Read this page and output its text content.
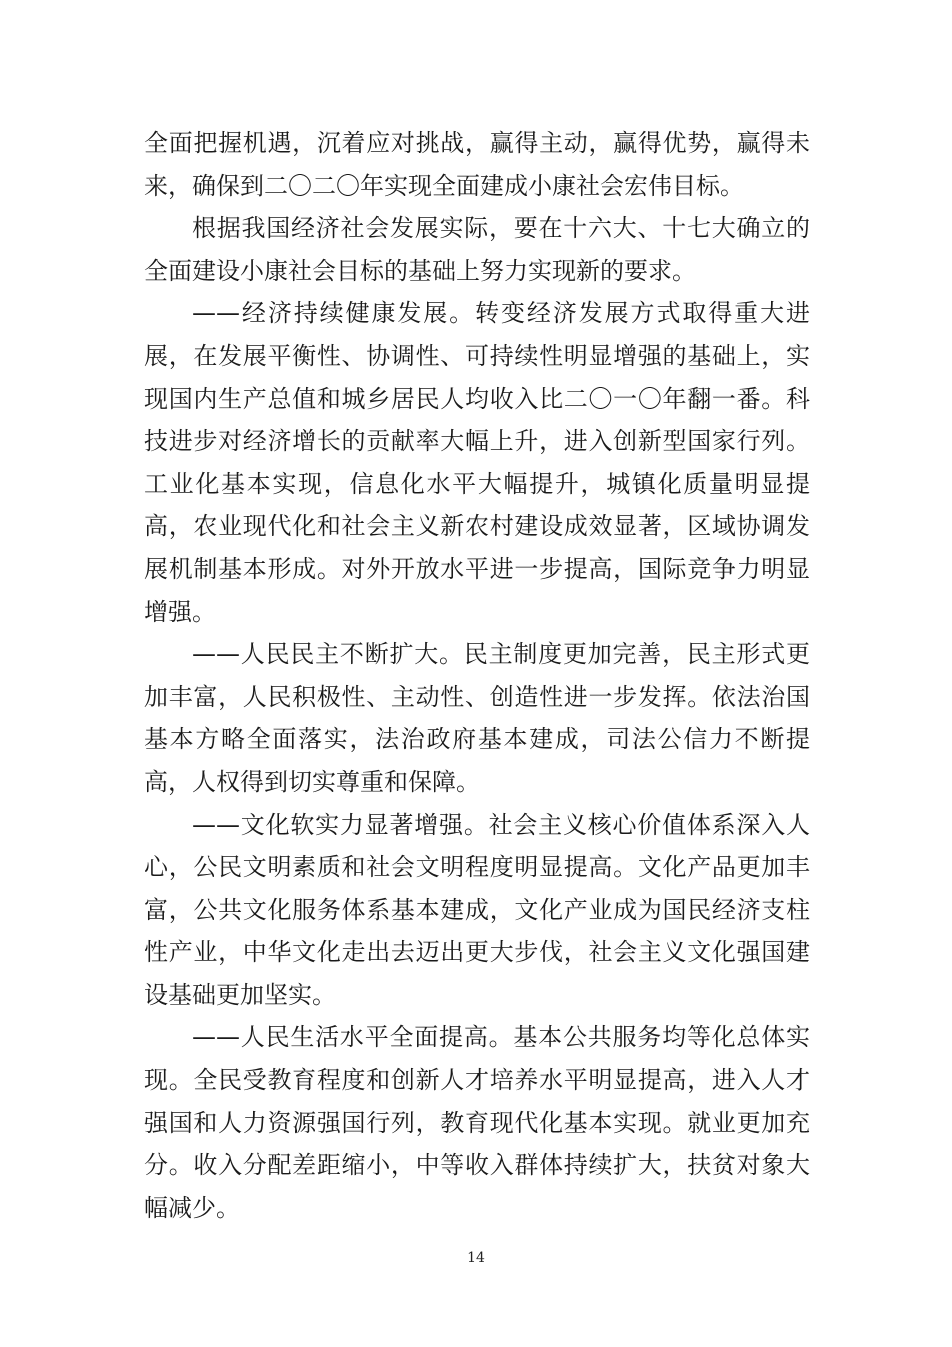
全面把握机遇，沉着应对挑战，赢得主动，赢得优势，赢得未来，确保到二〇二〇年实现全面建成小康社会宏伟目标。

根据我国经济社会发展实际，要在十六大、十七大确立的全面建设小康社会目标的基础上努力实现新的要求。

——经济持续健康发展。转变经济发展方式取得重大进展，在发展平衡性、协调性、可持续性明显增强的基础上，实现国内生产总值和城乡居民人均收入比二〇一〇年翻一番。科技进步对经济增长的贡献率大幅上升，进入创新型国家行列。工业化基本实现，信息化水平大幅提升，城镇化质量明显提高，农业现代化和社会主义新农村建设成效显著，区域协调发展机制基本形成。对外开放水平进一步提高，国际竞争力明显增强。

——人民民主不断扩大。民主制度更加完善，民主形式更加丰富，人民积极性、主动性、创造性进一步发挥。依法治国基本方略全面落实，法治政府基本建成，司法公信力不断提高，人权得到切实尊重和保障。

——文化软实力显著增强。社会主义核心价值体系深入人心，公民文明素质和社会文明程度明显提高。文化产品更加丰富，公共文化服务体系基本建成，文化产业成为国民经济支柱性产业，中华文化走出去迈出更大步伐，社会主义文化强国建设基础更加坚实。

——人民生活水平全面提高。基本公共服务均等化总体实现。全民受教育程度和创新人才培养水平明显提高，进入人才强国和人力资源强国行列，教育现代化基本实现。就业更加充分。收入分配差距缩小，中等收入群体持续扩大，扶贫对象大幅减少。

14
